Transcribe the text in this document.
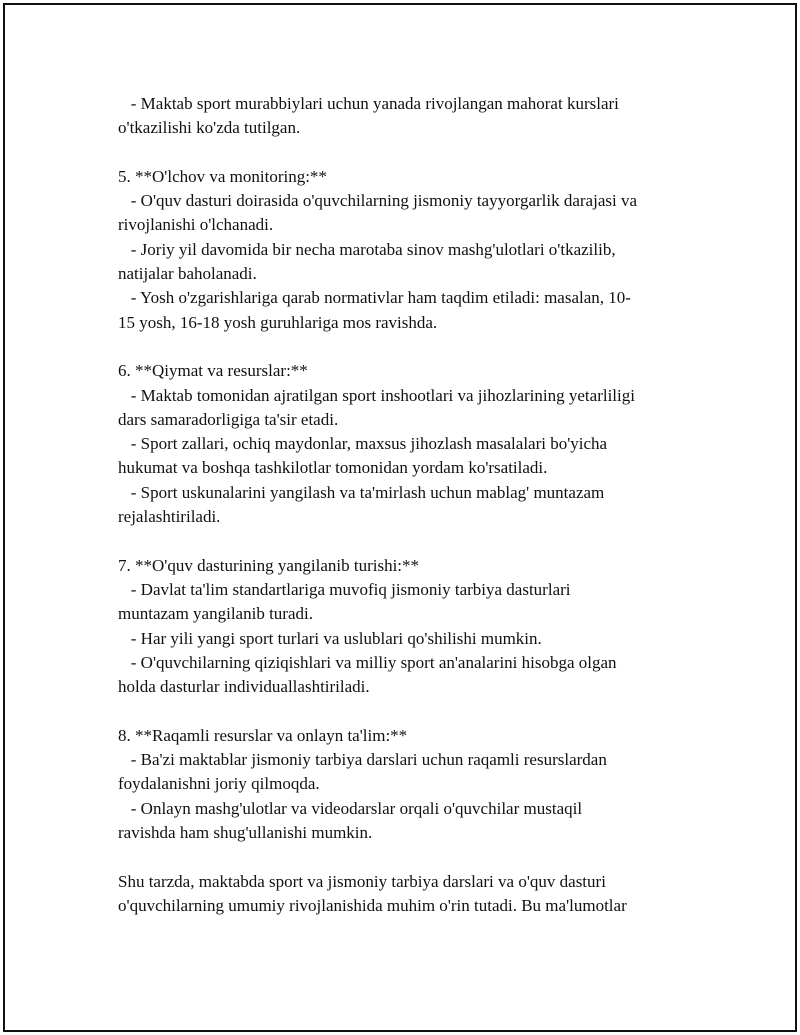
- Maktab sport murabbiylari uchun yanada rivojlangan mahorat kurslari
o'tkazilishi ko'zda tutilgan.
5. **O'lchov va monitoring:**
- O'quv dasturi doirasida o'quvchilarning jismoniy tayyorgarlik darajasi va
rivojlanishi o'lchanadi.
- Joriy yil davomida bir necha marotaba sinov mashg'ulotlari o'tkazilib,
natijalar baholanadi.
- Yosh o'zgarishlariga qarab normativlar ham taqdim etiladi: masalan, 10-
15 yosh, 16-18 yosh guruhlariga mos ravishda.
6. **Qiymat va resurslar:**
- Maktab tomonidan ajratilgan sport inshootlari va jihozlarining yetarliligi
dars samaradorligiga ta'sir etadi.
- Sport zallari, ochiq maydonlar, maxsus jihozlash masalalari bo'yicha
hukumat va boshqa tashkilotlar tomonidan yordam ko'rsatiladi.
- Sport uskunalarini yangilash va ta'mirlash uchun mablag' muntazam
rejalashtiriladi.
7. **O'quv dasturining yangilanib turishi:**
- Davlat ta'lim standartlariga muvofiq jismoniy tarbiya dasturlari
muntazam yangilanib turadi.
- Har yili yangi sport turlari va uslublari qo'shilishi mumkin.
- O'quvchilarning qiziqishlari va milliy sport an'analarini hisobga olgan
holda dasturlar individuallashtiriladi.
8. **Raqamli resurslar va onlayn ta'lim:**
- Ba'zi maktablar jismoniy tarbiya darslari uchun raqamli resurslardan
foydalanishni joriy qilmoqda.
- Onlayn mashg'ulotlar va videodarslar orqali o'quvchilar mustaqil
ravishda ham shug'ullanishi mumkin.
Shu tarzda, maktabda sport va jismoniy tarbiya darslari va o'quv dasturi
o'quvchilarning umumiy rivojlanishida muhim o'rin tutadi. Bu ma'lumotlar
